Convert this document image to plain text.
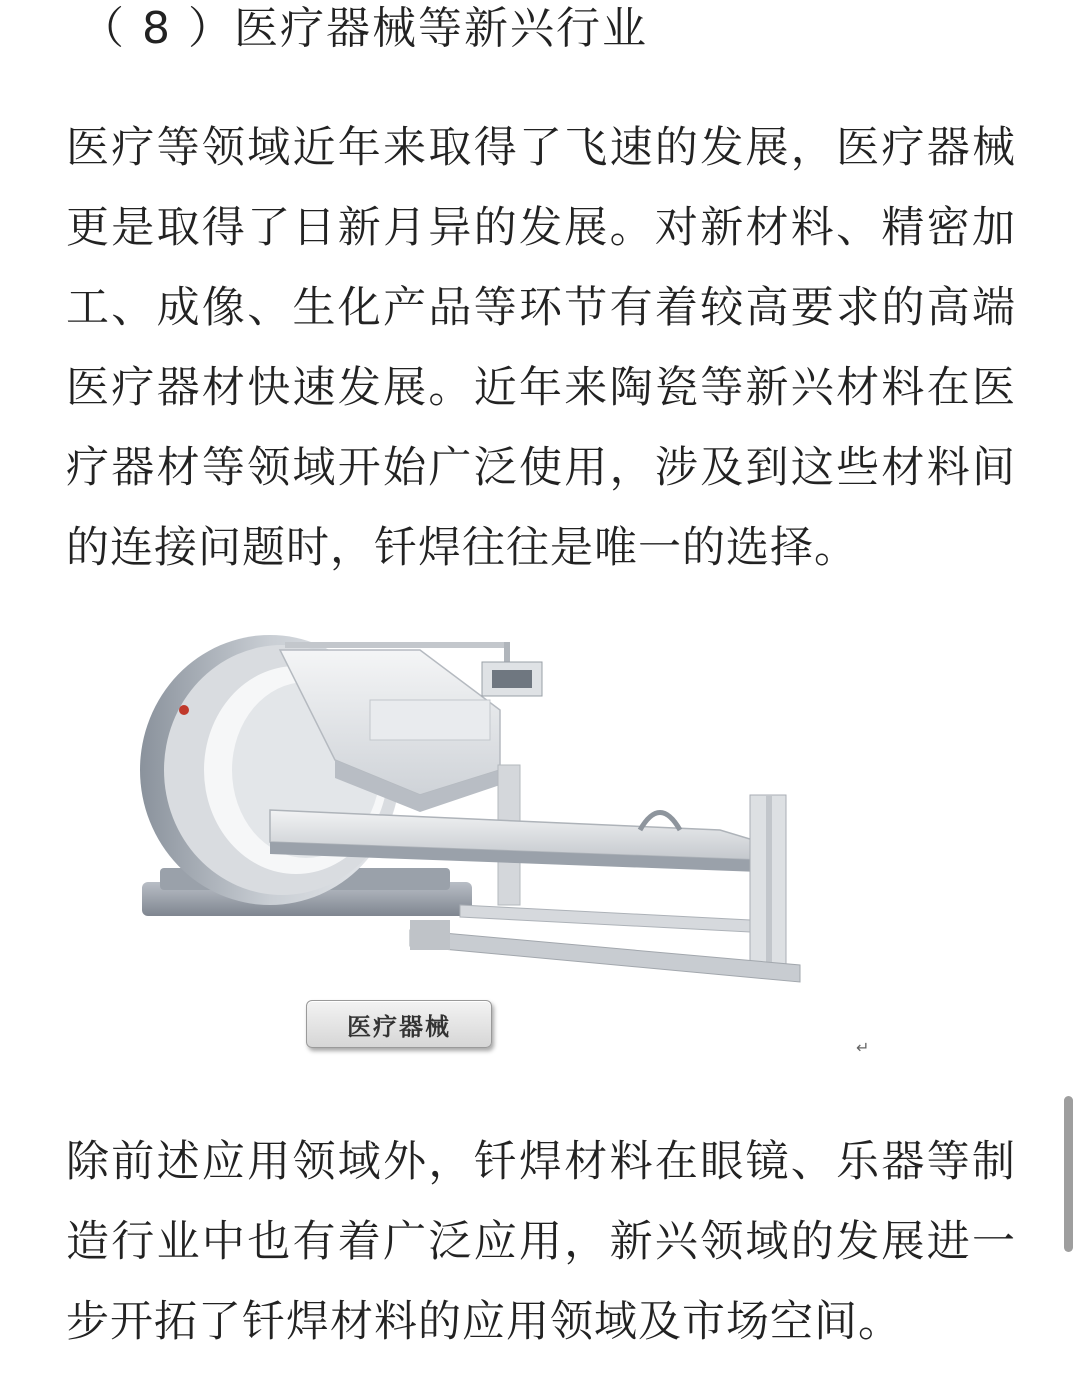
（ 8 ）医疗器械等新兴行业
医疗等领域近年来取得了飞速的发展，医疗器械更是取得了日新月异的发展。对新材料、精密加工、成像、生化产品等环节有着较高要求的高端医疗器材快速发展。近年来陶瓷等新兴材料在医疗器材等领域开始广泛使用，涉及到这些材料间的连接问题时，钎焊往往是唯一的选择。
医疗器械
↵
除前述应用领域外，钎焊材料在眼镜、乐器等制造行业中也有着广泛应用，新兴领域的发展进一步开拓了钎焊材料的应用领域及市场空间。
